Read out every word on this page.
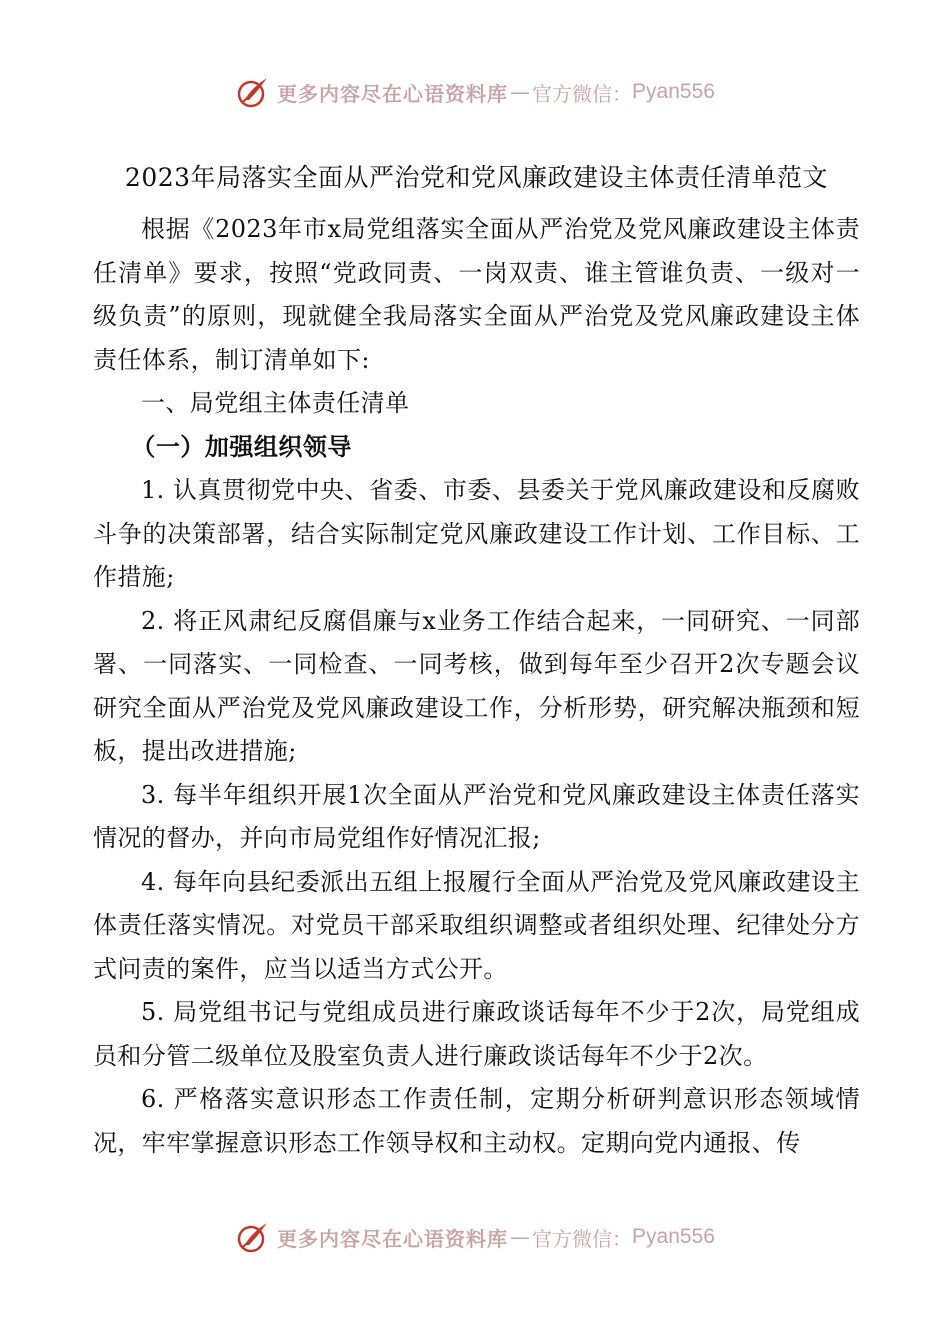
更多内容尽在心语资料库 — 官方微信： Pyan556
2023年局落实全面从严治党和党风廉政建设主体责任清单范文

根据《2023年市x局党组落实全面从严治党及党风廉政建设主体责任清单》要求，按照“党政同责、一岗双责、谁主管谁负责、一级对一级负责”的原则，现就健全我局落实全面从严治党及党风廉政建设主体责任体系，制订清单如下:

一、局党组主体责任清单

（一）加强组织领导

1. 认真贯彻党中央、省委、市委、县委关于党风廉政建设和反腐败斗争的决策部署，结合实际制定党风廉政建设工作计划、工作目标、工作措施;

2. 将正风肃纪反腐倡廉与x业务工作结合起来，一同研究、一同部署、一同落实、一同检查、一同考核，做到每年至少召开2次专题会议研究全面从严治党及党风廉政建设工作，分析形势，研究解决瓶颈和短板，提出改进措施;

3. 每半年组织开展1次全面从严治党和党风廉政建设主体责任落实情况的督办，并向市局党组作好情况汇报;

4. 每年向县纪委派出五组上报履行全面从严治党及党风廉政建设主体责任落实情况。对党员干部采取组织调整或者组织处理、纪律处分方式问责的案件，应当以适当方式公开。

5. 局党组书记与党组成员进行廉政谈话每年不少于2次，局党组成员和分管二级单位及股室负责人进行廉政谈话每年不少于2次。

6. 严格落实意识形态工作责任制，定期分析研判意识形态领域情况，牢牢掌握意识形态工作领导权和主动权。定期向党内通报、传

更多内容尽在心语资料库 — 官方微信： Pyan556
